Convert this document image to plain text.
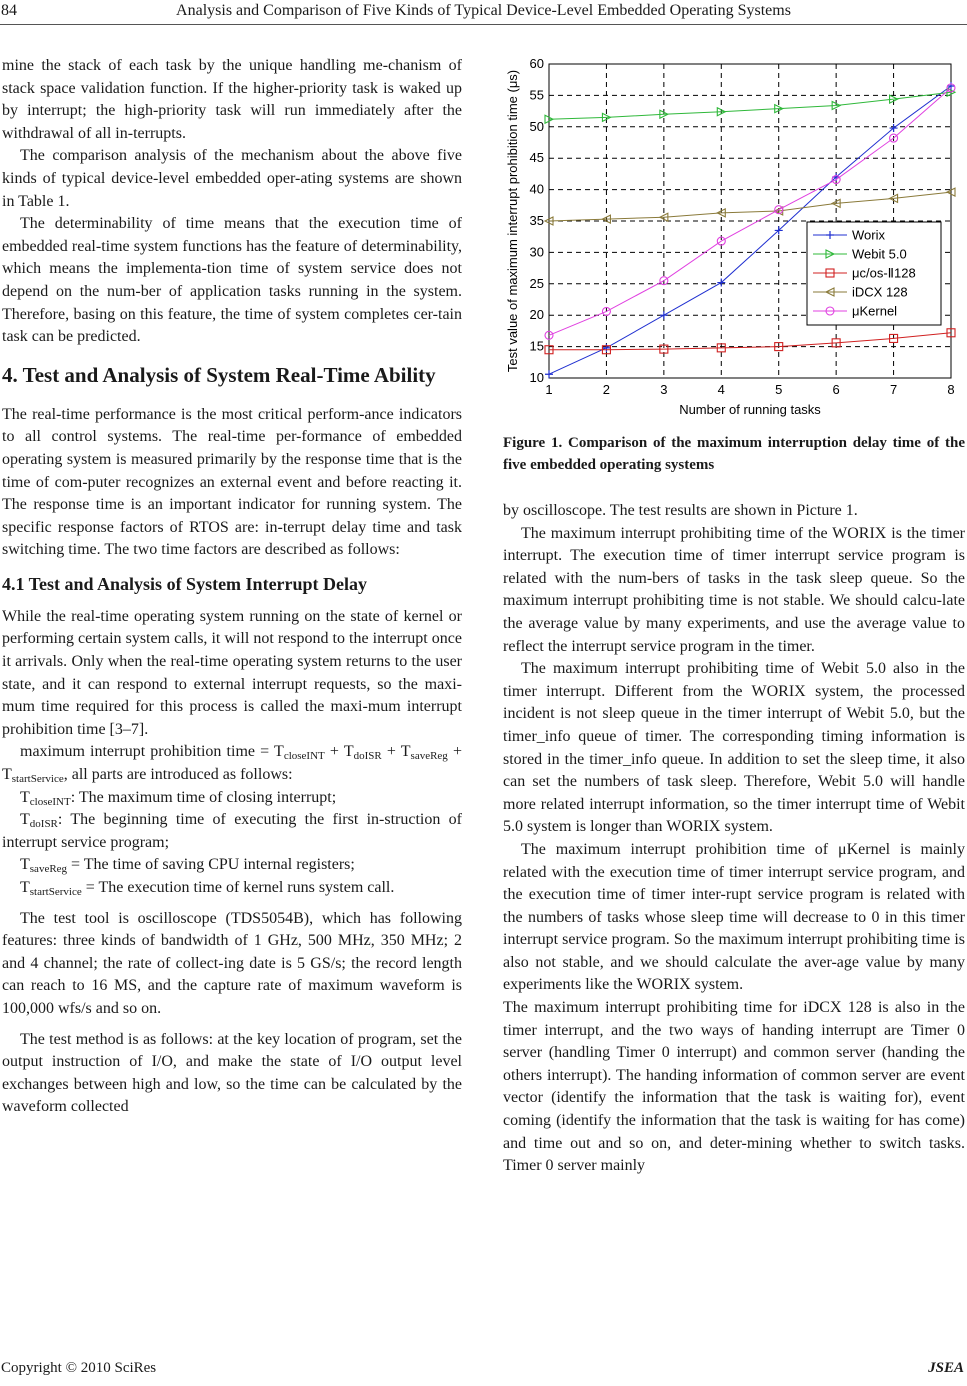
84	Analysis and Comparison of Five Kinds of Typical Device-Level Embedded Operating Systems

mine the stack of each task by the unique handling me-chanism of stack space validation function. If the higher-priority task is waked up by interrupt; the high-priority task will run immediately after the withdrawal of all in-terrupts.

The comparison analysis of the mechanism about the above five kinds of typical device-level embedded oper-ating systems are shown in Table 1.

The determinability of time means that the execution time of embedded real-time system functions has the feature of determinability, which means the implementa-tion time of system service does not depend on the num-ber of application tasks running in the system. Therefore, basing on this feature, the time of system completes cer-tain task can be predicted.

4. Test and Analysis of System Real-Time Ability

The real-time performance is the most critical perform-ance indicators to all control systems. The real-time per-formance of embedded operating system is measured primarily by the response time that is the time of com-puter recognizes an external event and before reacting it. The response time is an important indicator for running system. The specific response factors of RTOS are: in-terrupt delay time and task switching time. The two time factors are described as follows:

4.1 Test and Analysis of System Interrupt Delay

While the real-time operating system running on the state of kernel or performing certain system calls, it will not respond to the interrupt once it arrivals. Only when the real-time operating system returns to the user state, and it can respond to external interrupt requests, so the maxi-mum time required for this process is called the maxi-mum interrupt prohibition time [3–7].

maximum interrupt prohibition time = $T_{closeINT} + T_{doISR} + T_{saveReg} + T_{startService}$, all parts are introduced as follows:

$T_{closeINT}$: The maximum time of closing interrupt;

$T_{doISR}$: The beginning time of executing the first in-struction of interrupt service program;

$T_{saveReg}$ = The time of saving CPU internal registers;

$T_{startService}$ = The execution time of kernel runs system call.

The test tool is oscilloscope (TDS5054B), which has following features: three kinds of bandwidth of 1 GHz, 500 MHz, 350 MHz; 2 and 4 channel; the rate of collect-ing date is 5 GS/s; the record length can reach to 16 MS, and the capture rate of maximum waveform is 100,000 wfs/s and so on.

The test method is as follows: at the key location of program, set the output instruction of I/O, and make the state of I/O output level exchanges between high and low, so the time can be calculated by the waveform collected

1	2	3	4	5	6	7	8
10
15
20
25
30
35
40
45
50
55
60
Number of running tasks
Test value of maximum interrupt prohibition time (μs)	Worix
Webit 5.0
μc/os-Ⅱ128
iDCX 128
μKernel
Figure 1. Comparison of the maximum interruption delay time of the five embedded operating systems

by oscilloscope. The test results are shown in Picture 1.

The maximum interrupt prohibiting time of the WORIX is the timer interrupt. The execution time of timer interrupt service program is related with the num-bers of tasks in the task sleep queue. So the maximum interrupt prohibiting time is not stable. We should calcu-late the average value by many experiments, and use the average value to reflect the interrupt service program in the timer.

The maximum interrupt prohibiting time of Webit 5.0 also in the timer interrupt. Different from the WORIX system, the processed incident is not sleep queue in the timer interrupt of Webit 5.0, but the timer_info queue of timer. The corresponding timing information is stored in the timer_info queue. In addition to set the sleep time, it also can set the numbers of task sleep. Therefore, Webit 5.0 will handle more related interrupt information, so the timer interrupt time of Webit 5.0 system is longer than WORIX system.

The maximum interrupt prohibition time of μKernel is mainly related with the execution time of timer interrupt service program, and the execution time of timer inter-rupt service program is related with the numbers of tasks whose sleep time will decrease to 0 in this timer interrupt service program. So the maximum interrupt prohibiting time is also not stable, and we should calculate the aver-age value by many experiments like the WORIX system.

The maximum interrupt prohibiting time for iDCX 128 is also in the timer interrupt, and the two ways of handing interrupt are Timer 0 server (handling Timer 0 interrupt) and common server (handing the others interrupt). The handing information of common server are event vector (identify the information that the task is waiting for), event coming (identify the information that the task is waiting for has come) and time out and so on, and deter-mining whether to switch tasks. Timer 0 server mainly

Copyright © 2010 SciRes	JSEA
